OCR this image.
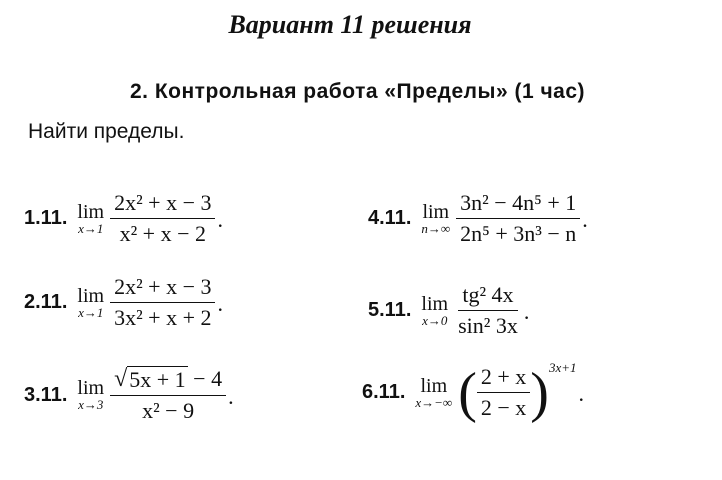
Вариант 11 решения
2. Контрольная работа «Пределы» (1 час)
Найти пределы.
1.11. lim
$x\to 1 \frac{\text{2x² + x − 3}}{\text{x² + x − 2}}$ .
2.11. lim
$x\to 1 \frac{\text{2x² + x − 3}}{\text{3x² + x + 2}}$ .
3.11. lim
$x\to 3 \frac{√ 5x + 1 - 4}{\text{x² − 9}}$ .
4.11. lim
$n\to\infty \frac{\text{3n² − 4n⁵ + 1}}{\text{2n⁵ + 3n³ − n}}$ .
5.11. lim
$x\to 0 \frac{\text{tg² 4x}}{\text{sin² 3x}}$ .
6.11. lim
x→−∞ ( $\frac{2 + x}{2 - x}$ ) 3x+1
.
